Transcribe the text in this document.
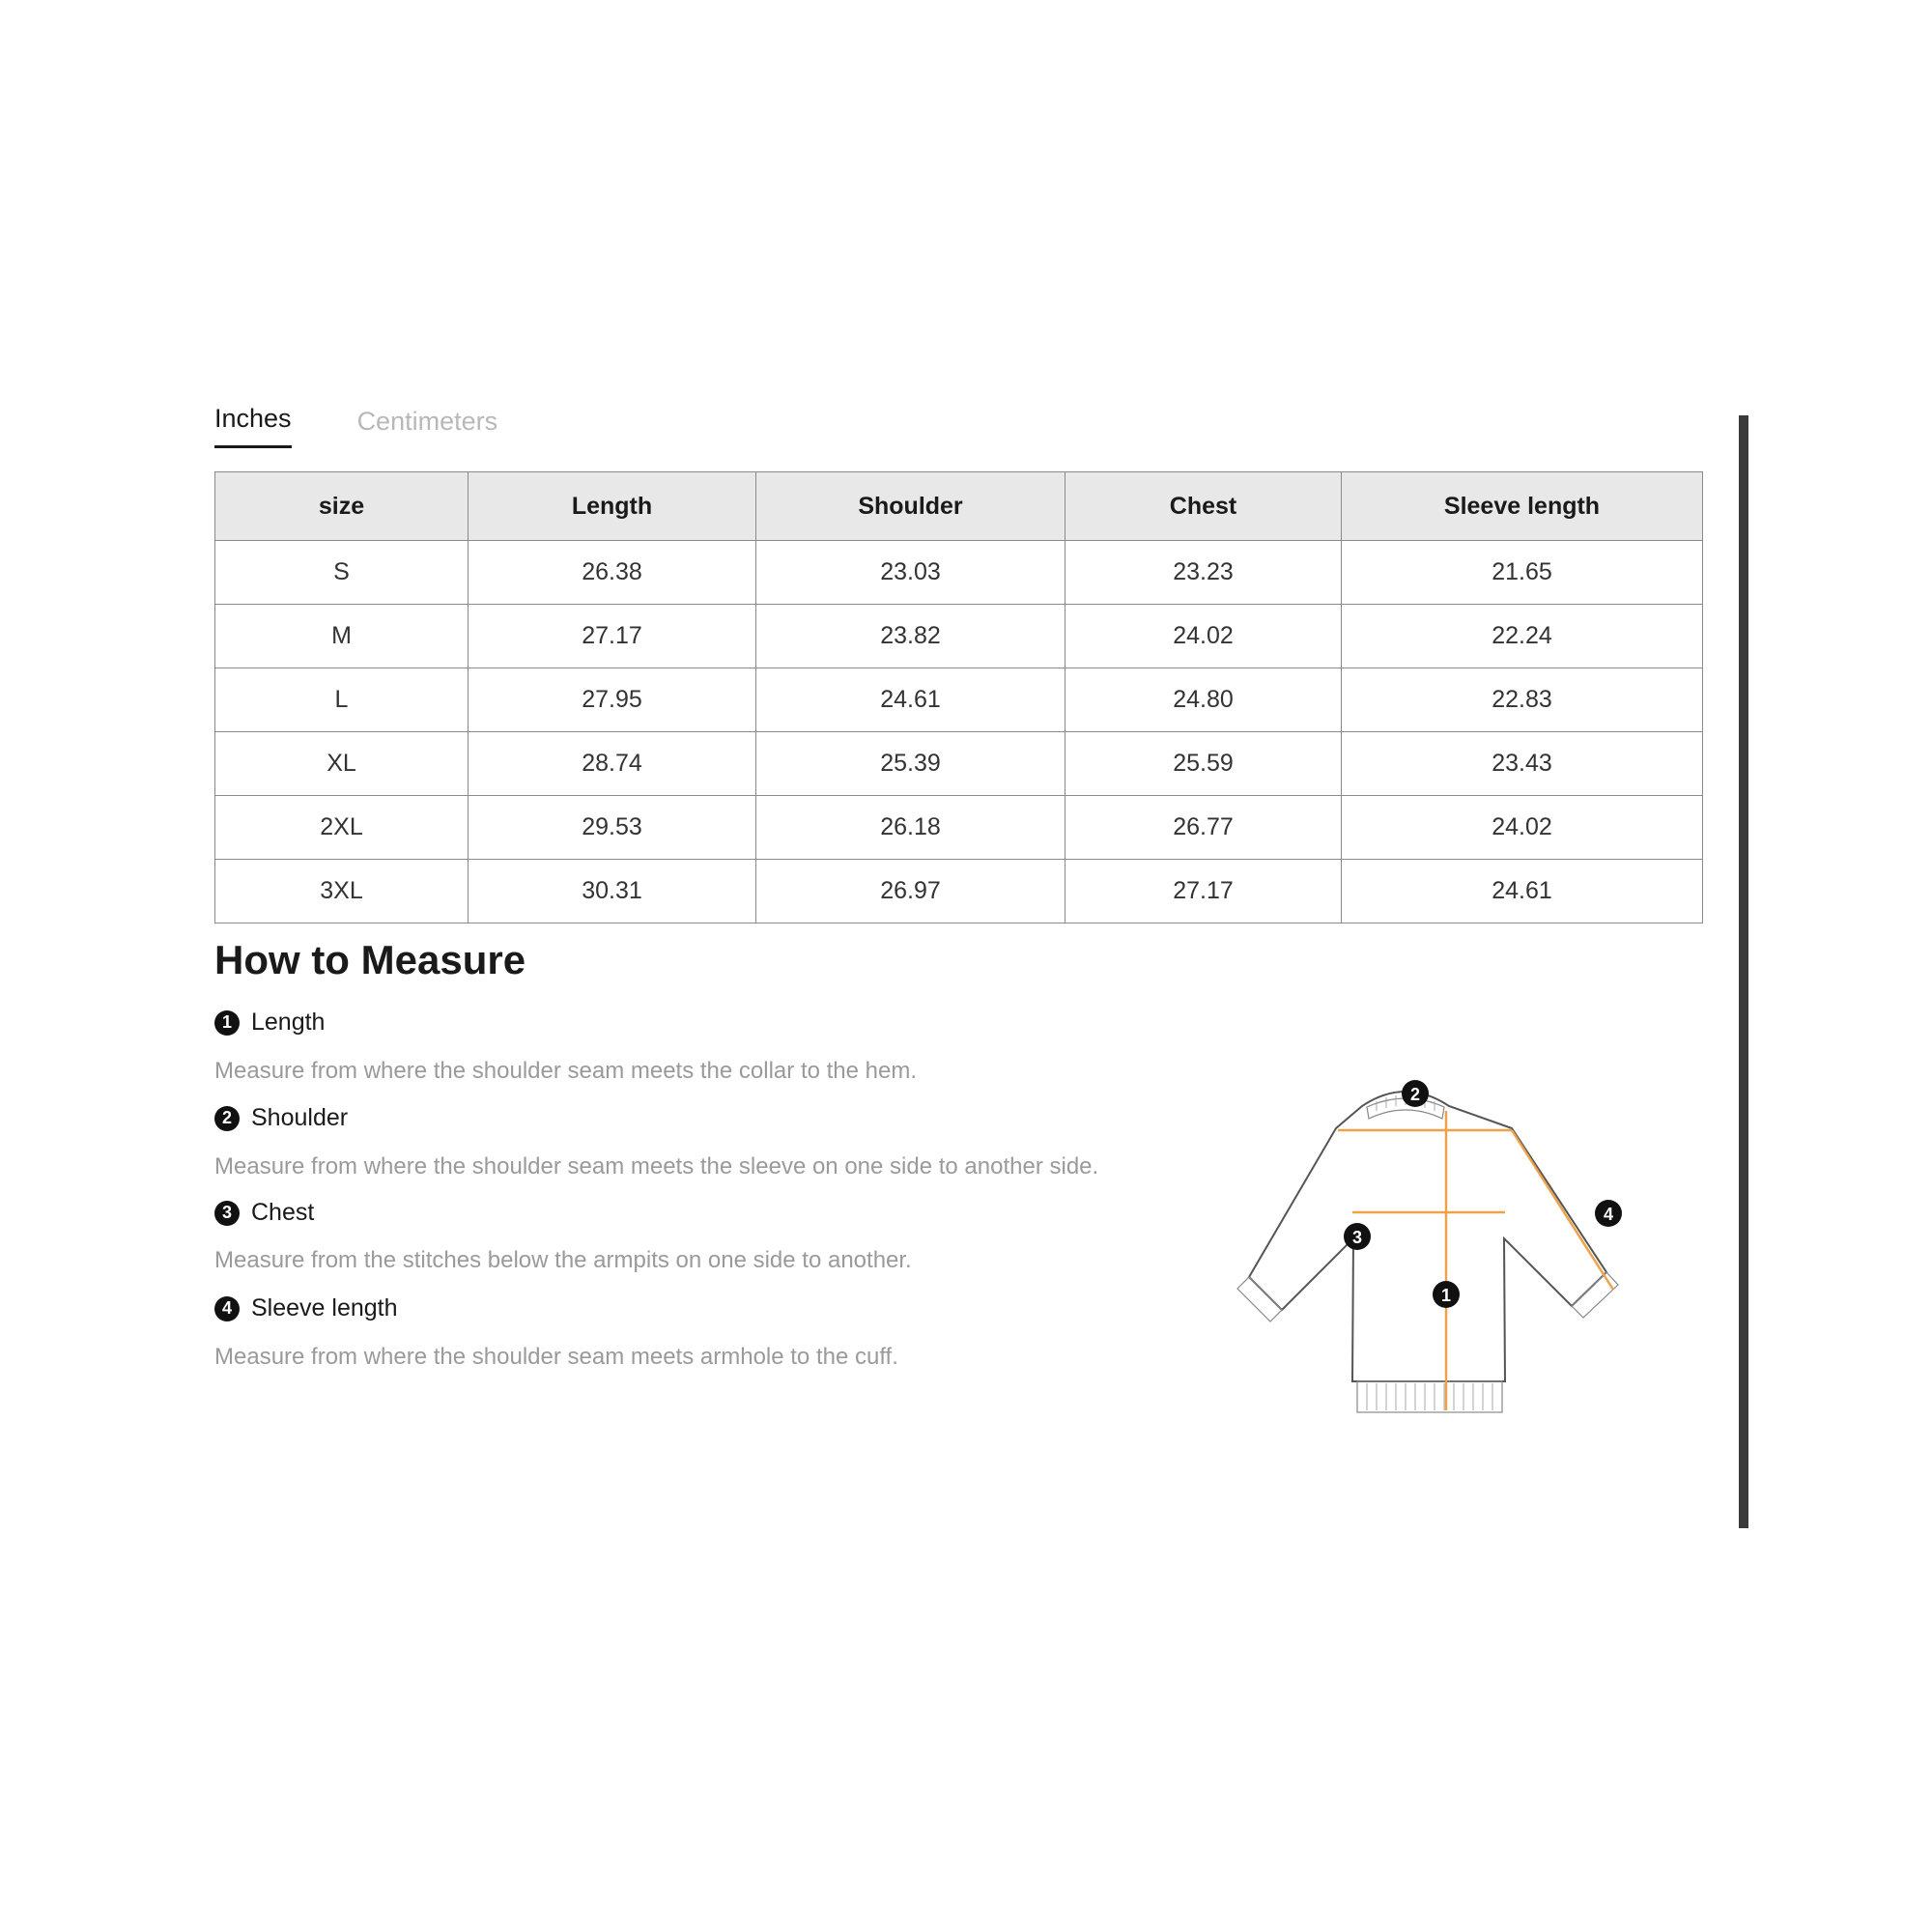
Inches	Centimeters
size	Length	Shoulder	Chest	Sleeve length
S	26.38	23.03	23.23	21.65
M	27.17	23.82	24.02	22.24
L	27.95	24.61	24.80	22.83
XL	28.74	25.39	25.59	23.43
2XL	29.53	26.18	26.77	24.02
3XL	30.31	26.97	27.17	24.61
How to Measure
1 Length
Measure from where the shoulder seam meets the collar to the hem.
2 Shoulder
Measure from where the shoulder seam meets the sleeve on one side to another side.
3 Chest
Measure from the stitches below the armpits on one side to another.
4 Sleeve length
Measure from where the shoulder seam meets armhole to the cuff.
2
3
1
4
